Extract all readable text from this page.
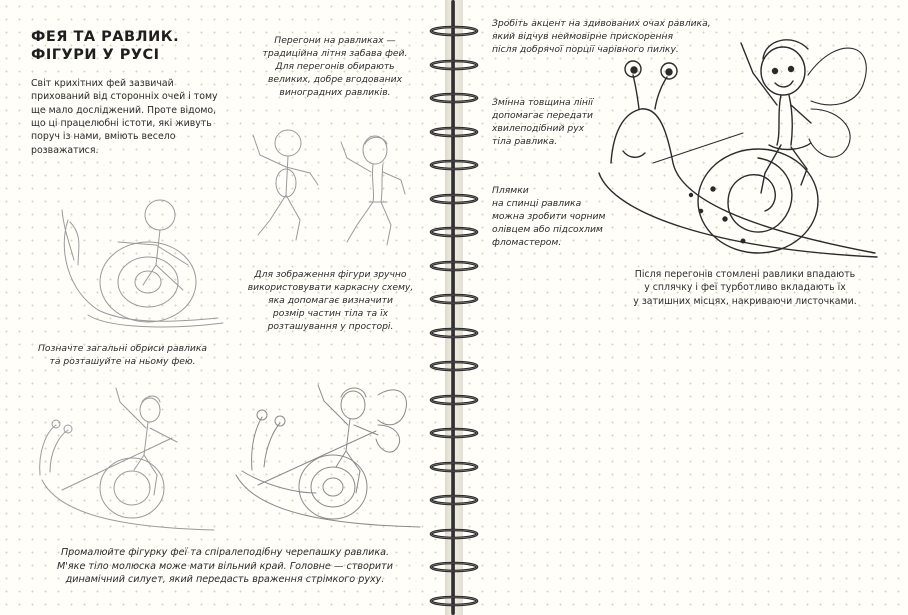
ФЕЯ ТА РАВЛИК.
ФІГУРИ У РУСІ
Світ крихітних фей зазвичай
прихований від сторонніх очей і тому
ще мало досліджений. Проте відомо,
що ці працелюбні істоти, які живуть
поруч із нами, вміють весело
розважатися.
Перегони на равликах —
традиційна літня забава фей.
Для перегонів обирають
великих, добре вгодованих
виноградних равликів.
Для зображення фігури зручно
використовувати каркасну схему,
яка допомагає визначити
розмір частин тіла та їх
розташування у просторі.
Позначте загальні обриси равлика
та розташуйте на ньому фею.
Промалюйте фігурку феї та спіралеподібну черепашку равлика.
М'яке тіло молюска може мати вільний край. Головне — створити
динамічний силует, який передасть враження стрімкого руху.
Зробіть акцент на здивованих очах равлика,
який відчув неймовірне прискорення
після добрячої порції чарівного пилку.
Змінна товщина лінії
допомагає передати
хвилеподібний рух
тіла равлика.
Плямки
на спинці равлика
можна зробити чорним
олівцем або підсохлим
фломастером.
Після перегонів стомлені равлики впадають
у сплячку і феї турботливо вкладають їх
у затишних місцях, накриваючи листочками.
